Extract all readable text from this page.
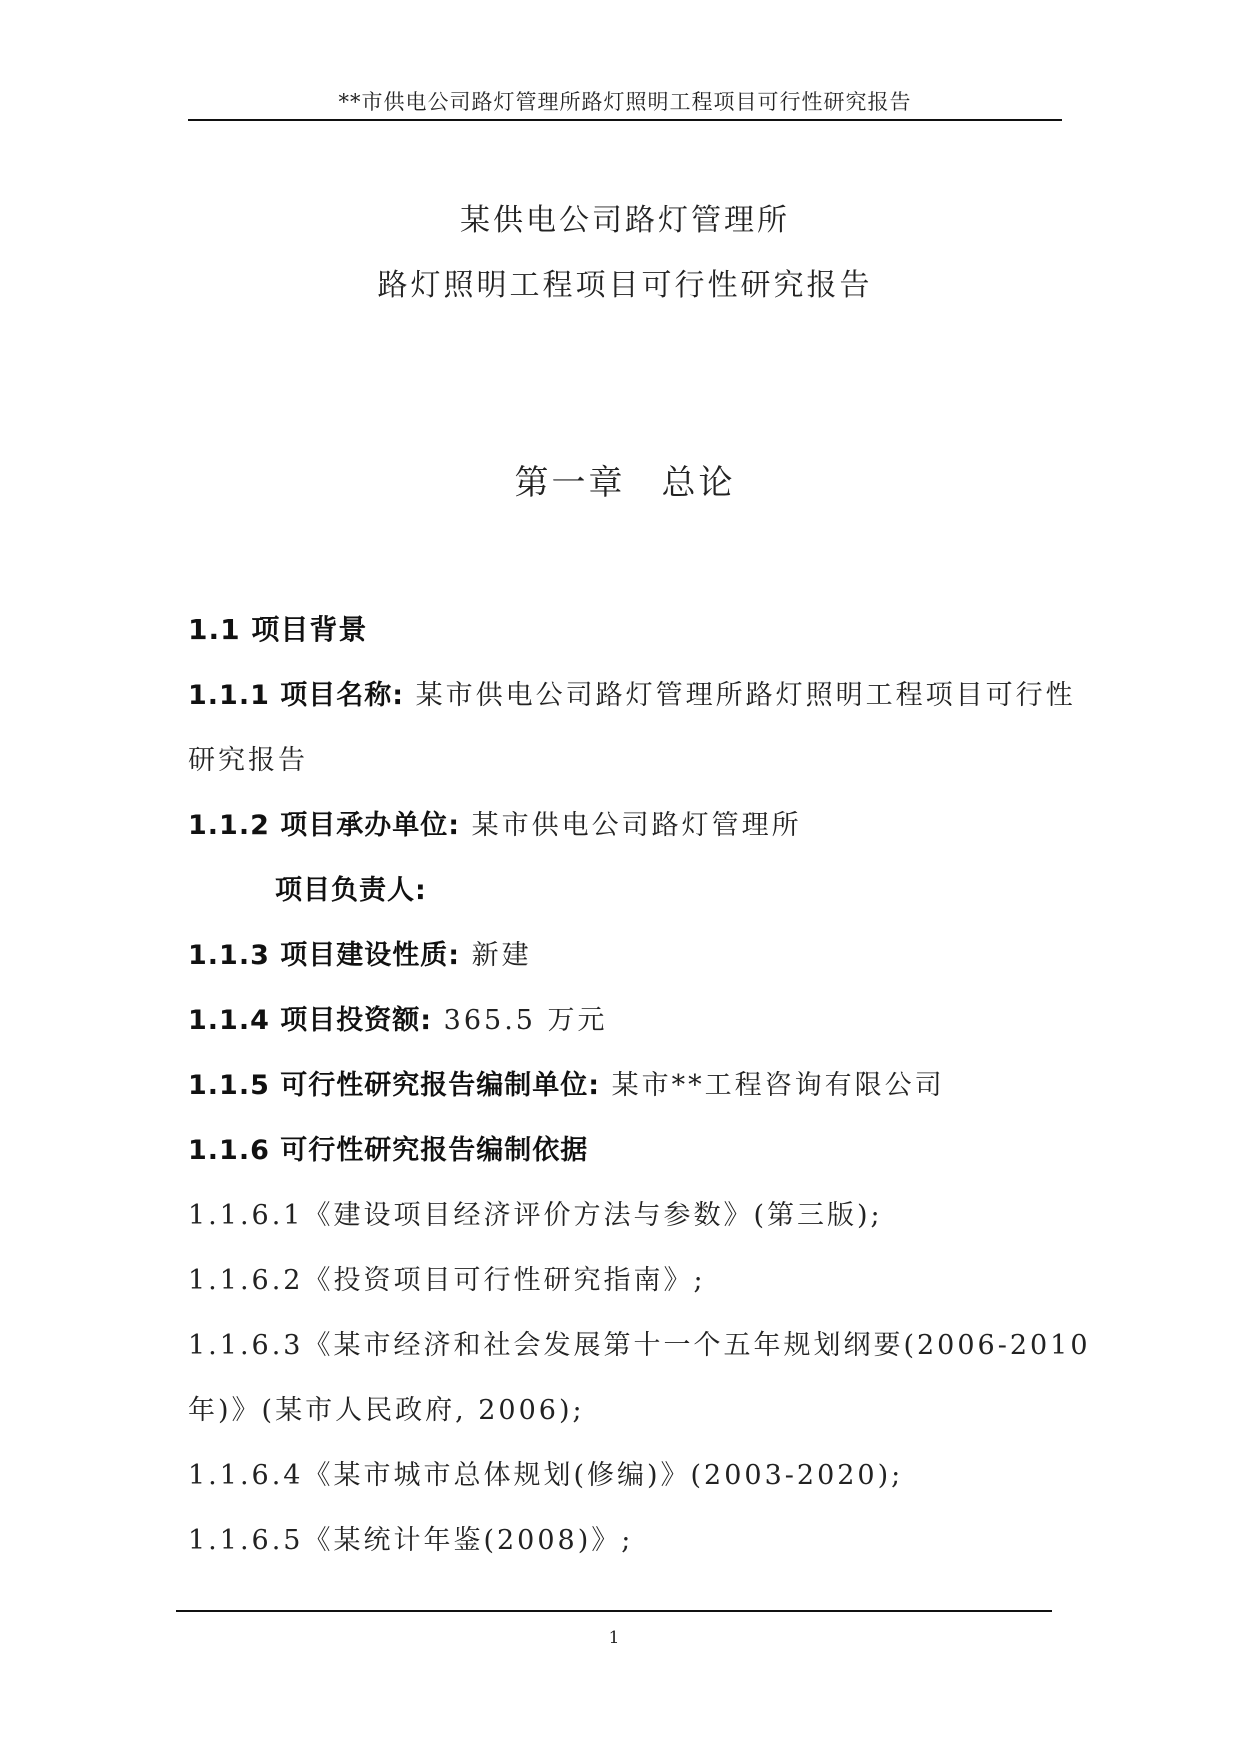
**市供电公司路灯管理所路灯照明工程项目可行性研究报告
某供电公司路灯管理所
路灯照明工程项目可行性研究报告
第一章 总论
1.1 项目背景
1.1.1 项目名称: 某市供电公司路灯管理所路灯照明工程项目可行性
研究报告
1.1.2 项目承办单位: 某市供电公司路灯管理所
项目负责人:
1.1.3 项目建设性质: 新建
1.1.4 项目投资额: 365.5 万元
1.1.5 可行性研究报告编制单位: 某市**工程咨询有限公司
1.1.6 可行性研究报告编制依据
1.1.6.1《建设项目经济评价方法与参数》(第三版);
1.1.6.2《投资项目可行性研究指南》;
1.1.6.3《某市经济和社会发展第十一个五年规划纲要(2006-2010
年)》(某市人民政府, 2006);
1.1.6.4《某市城市总体规划(修编)》(2003-2020);
1.1.6.5《某统计年鉴(2008)》;
1
